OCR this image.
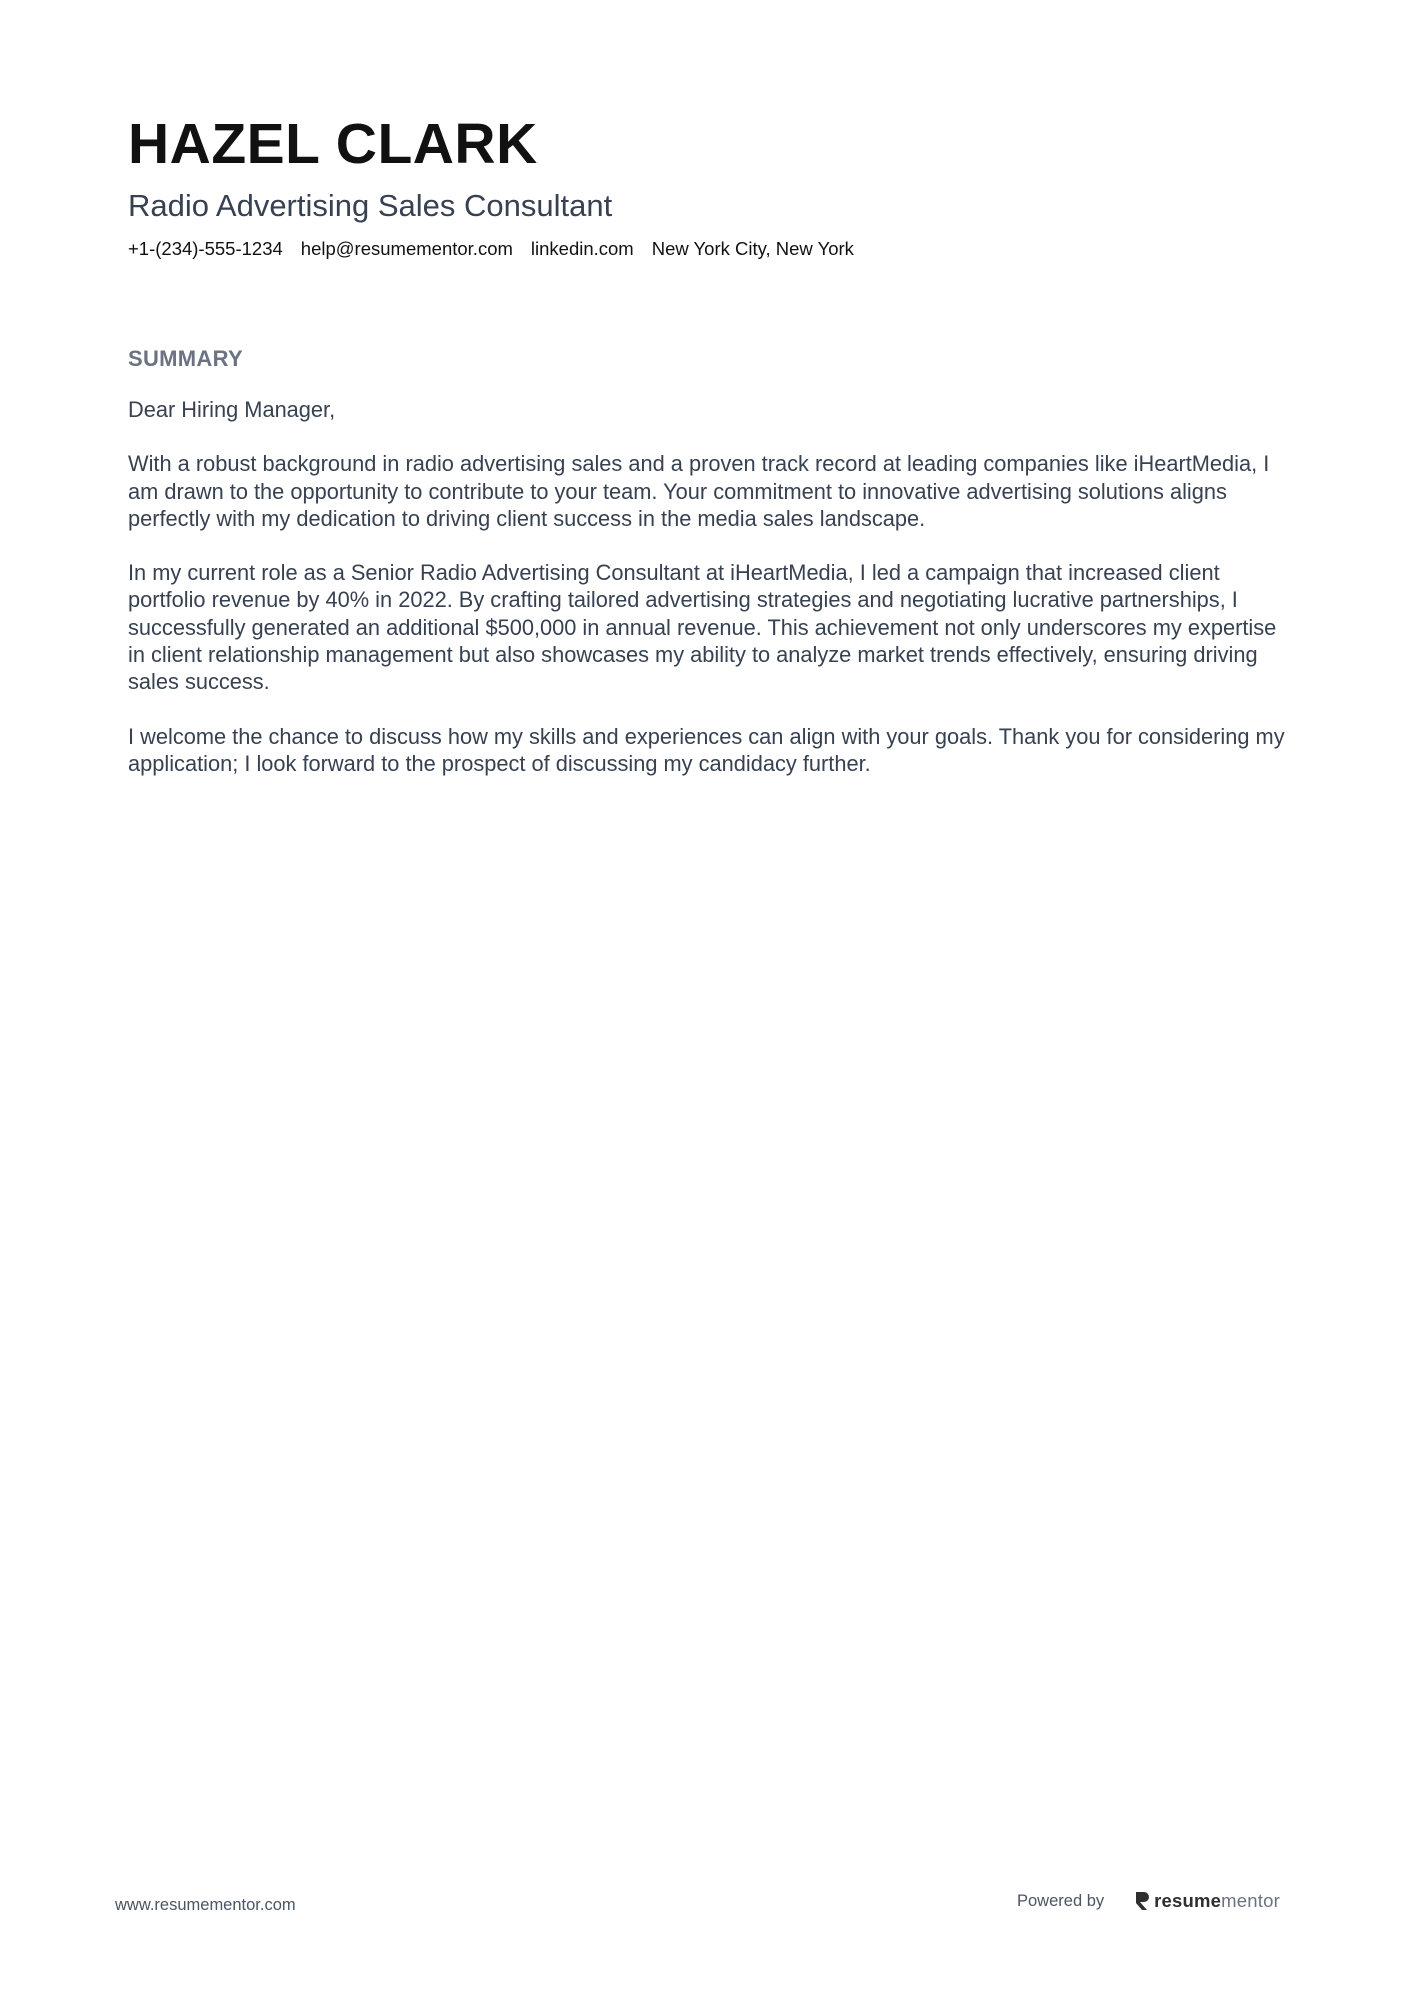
HAZEL CLARK
Radio Advertising Sales Consultant
+1-(234)-555-1234 help@resumementor.com linkedin.com New York City, New York
SUMMARY

Dear Hiring Manager,

With a robust background in radio advertising sales and a proven track record at leading companies like iHeartMedia, I am drawn to the opportunity to contribute to your team. Your commitment to innovative advertising solutions aligns perfectly with my dedication to driving client success in the media sales landscape.

In my current role as a Senior Radio Advertising Consultant at iHeartMedia, I led a campaign that increased client portfolio revenue by 40% in 2022. By crafting tailored advertising strategies and negotiating lucrative partnerships, I successfully generated an additional $500,000 in annual revenue. This achievement not only underscores my expertise in client relationship management but also showcases my ability to analyze market trends effectively, ensuring driving sales success.

I welcome the chance to discuss how my skills and experiences can align with your goals. Thank you for considering my application; I look forward to the prospect of discussing my candidacy further.

www.resumementor.com	Powered by	resumementor
